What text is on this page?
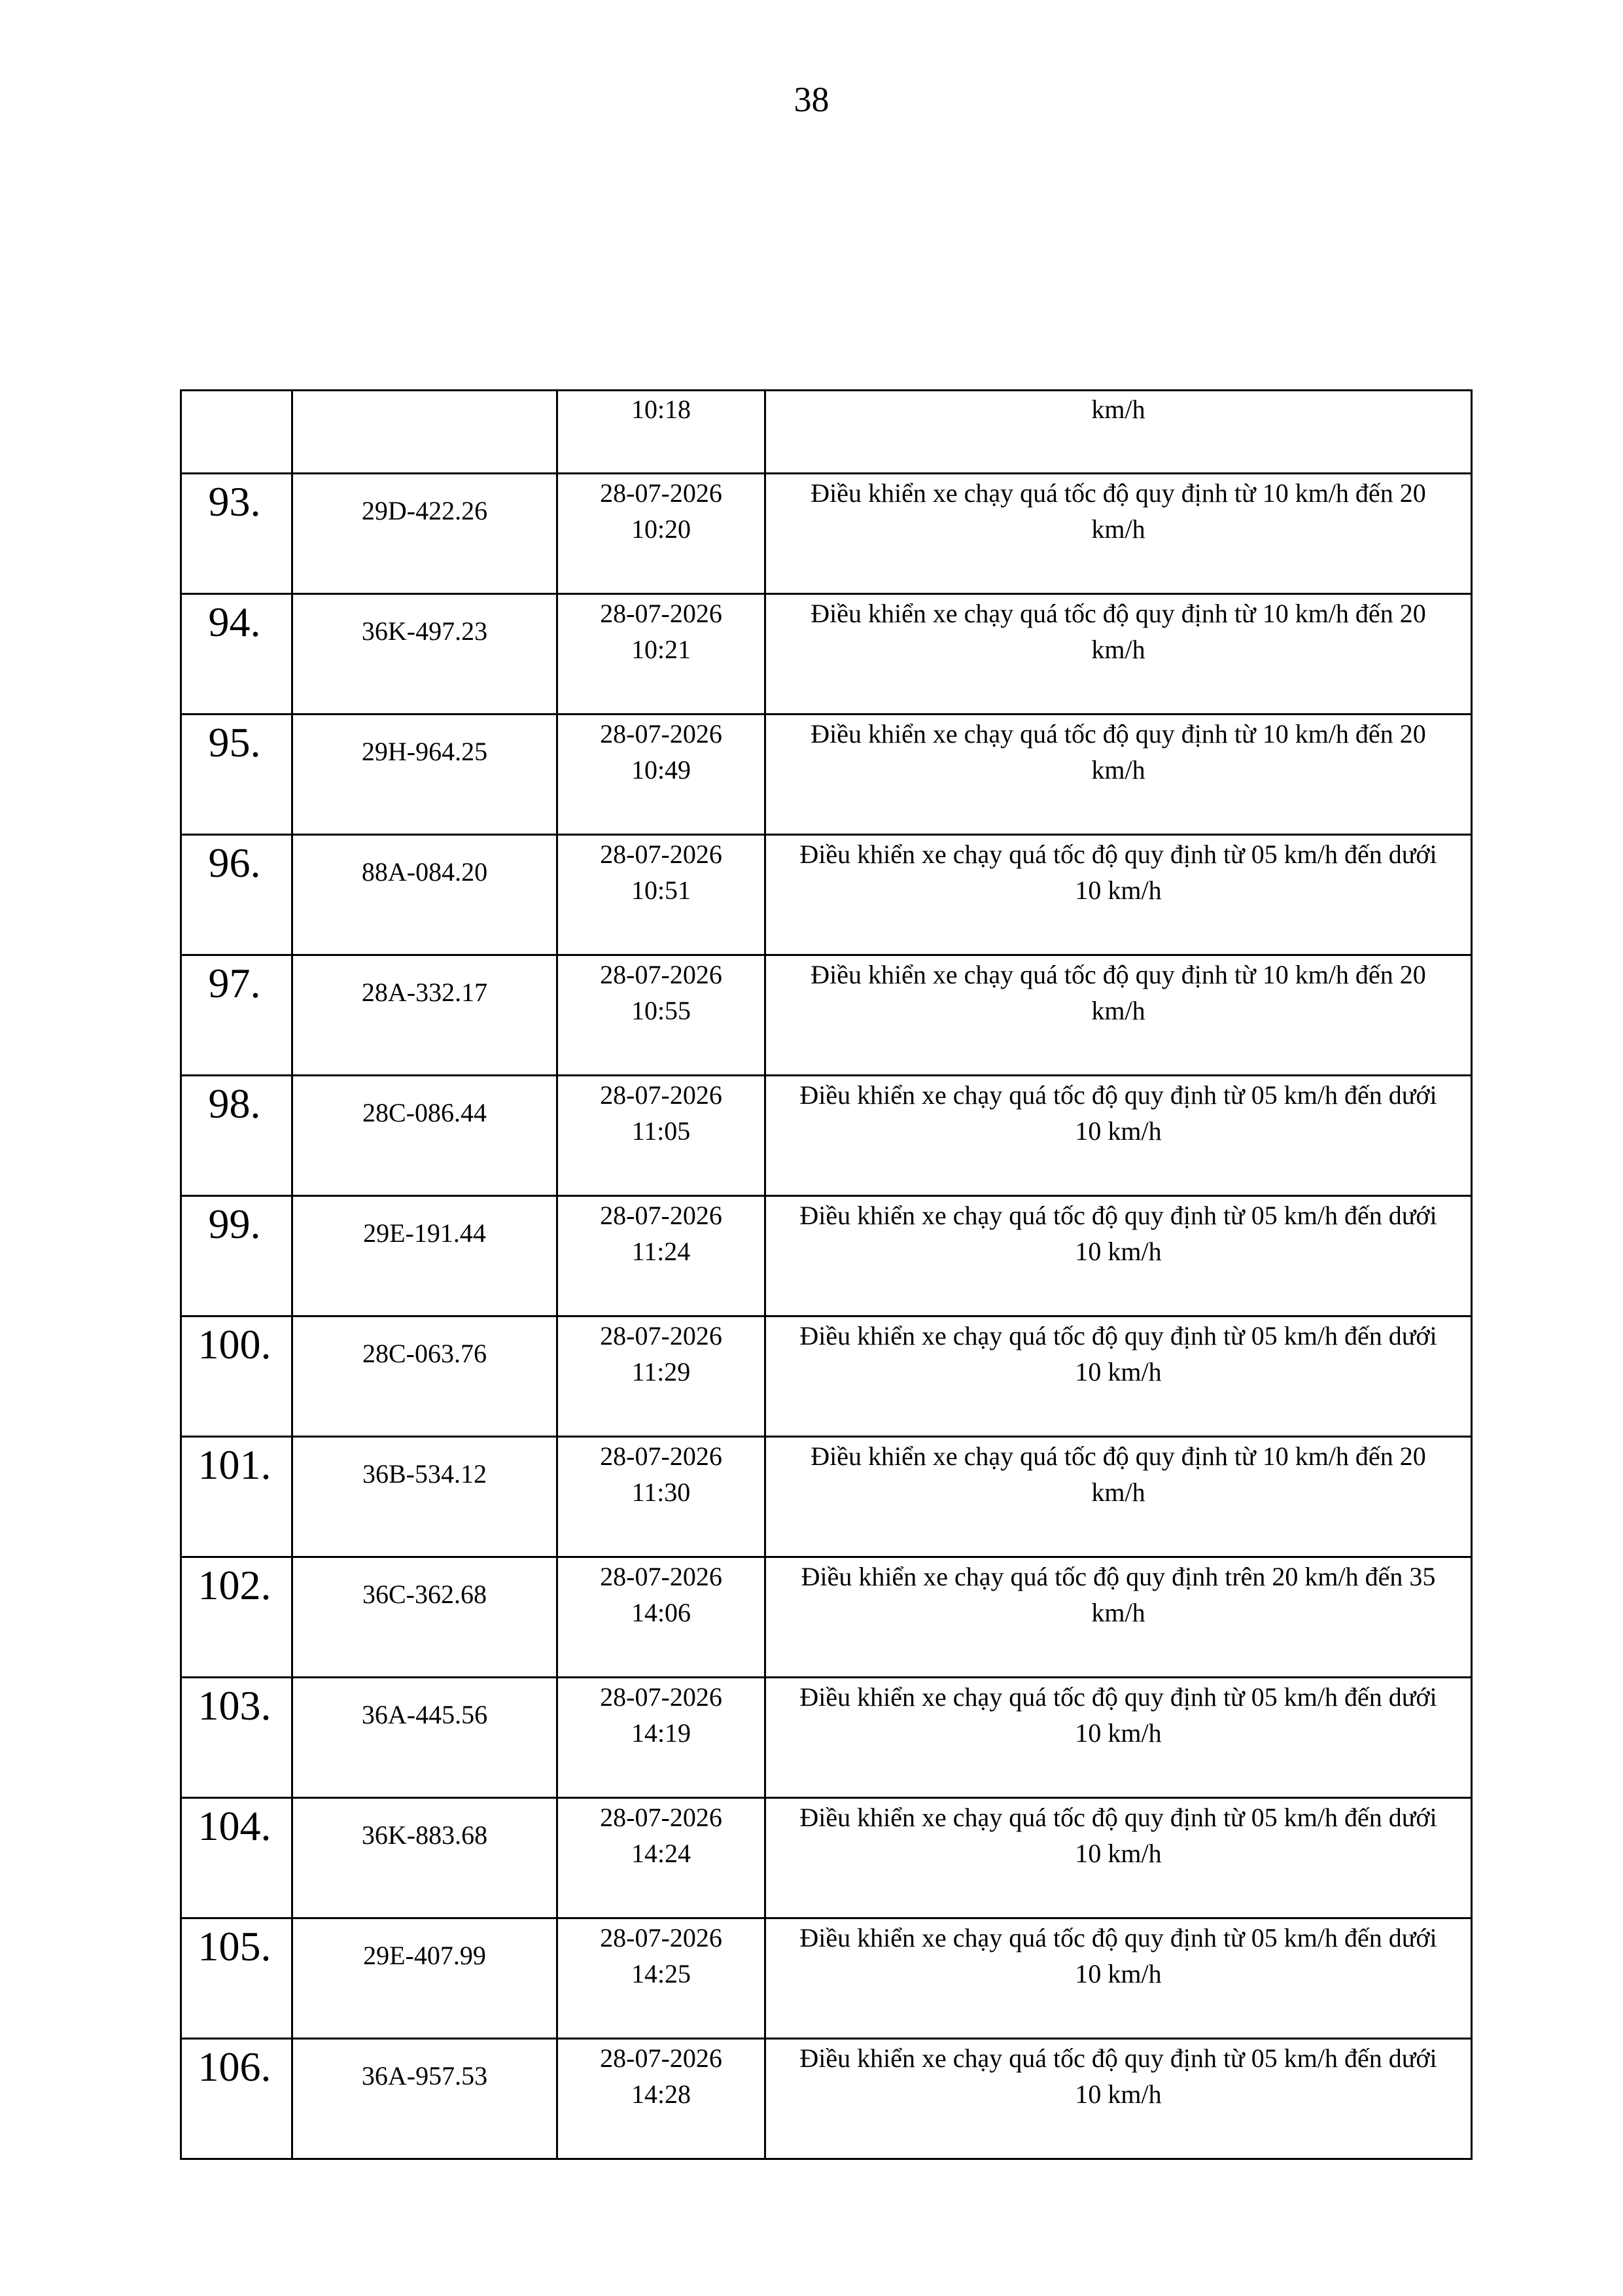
38
		10:18	km/h
93.	29D-422.26	28-07-2026
10:20	Điều khiển xe chạy quá tốc độ quy định từ 10 km/h đến 20
km/h

94.	36K-497.23	28-07-2026
10:21	Điều khiển xe chạy quá tốc độ quy định từ 10 km/h đến 20
km/h

95.	29H-964.25	28-07-2026
10:49	Điều khiển xe chạy quá tốc độ quy định từ 10 km/h đến 20
km/h

96.	88A-084.20	28-07-2026
10:51	Điều khiển xe chạy quá tốc độ quy định từ 05 km/h đến dưới
10 km/h

97.	28A-332.17	28-07-2026
10:55	Điều khiển xe chạy quá tốc độ quy định từ 10 km/h đến 20
km/h

98.	28C-086.44	28-07-2026
11:05	Điều khiển xe chạy quá tốc độ quy định từ 05 km/h đến dưới
10 km/h

99.	29E-191.44	28-07-2026
11:24	Điều khiển xe chạy quá tốc độ quy định từ 05 km/h đến dưới
10 km/h

100.	28C-063.76	28-07-2026
11:29	Điều khiển xe chạy quá tốc độ quy định từ 05 km/h đến dưới
10 km/h

101.	36B-534.12	28-07-2026
11:30	Điều khiển xe chạy quá tốc độ quy định từ 10 km/h đến 20
km/h

102.	36C-362.68	28-07-2026
14:06	Điều khiển xe chạy quá tốc độ quy định trên 20 km/h đến 35
km/h

103.	36A-445.56	28-07-2026
14:19	Điều khiển xe chạy quá tốc độ quy định từ 05 km/h đến dưới
10 km/h

104.	36K-883.68	28-07-2026
14:24	Điều khiển xe chạy quá tốc độ quy định từ 05 km/h đến dưới
10 km/h

105.	29E-407.99	28-07-2026
14:25	Điều khiển xe chạy quá tốc độ quy định từ 05 km/h đến dưới
10 km/h

106.	36A-957.53	28-07-2026
14:28	Điều khiển xe chạy quá tốc độ quy định từ 05 km/h đến dưới
10 km/h
